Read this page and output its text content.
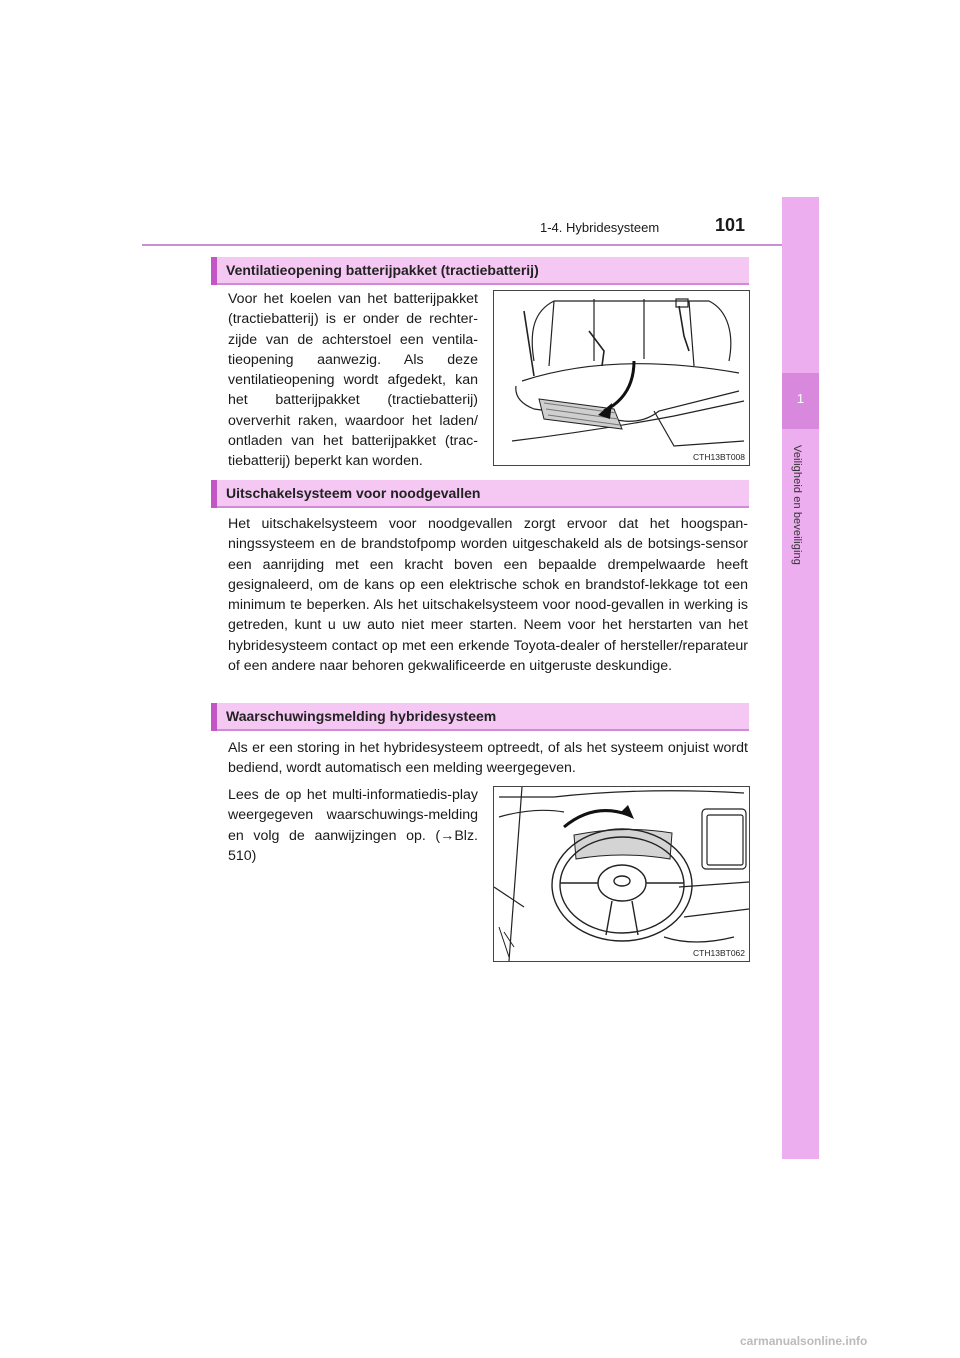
1-4. Hybridesysteem	101
1
Veiligheid en beveiliging
Ventilatieopening batterijpakket (tractiebatterij)
Voor het koelen van het batterijpakket (tractiebatterij) is er onder de rechter-zijde van de achterstoel een ventila-tieopening aanwezig. Als deze ventilatieopening wordt afgedekt, kan het batterijpakket (tractiebatterij) oververhit raken, waardoor het laden/ ontladen van het batterijpakket (trac-tiebatterij) beperkt kan worden.	CTH13BT008
Uitschakelsysteem voor noodgevallen
Het uitschakelsysteem voor noodgevallen zorgt ervoor dat het hoogspan-ningssysteem en de brandstofpomp worden uitgeschakeld als de botsings-sensor een aanrijding met een kracht boven een bepaalde drempelwaarde heeft gesignaleerd, om de kans op een elektrische schok en brandstof-lekkage tot een minimum te beperken. Als het uitschakelsysteem voor nood-gevallen in werking is getreden, kunt u uw auto niet meer starten. Neem voor het herstarten van het hybridesysteem contact op met een erkende Toyota-dealer of hersteller/reparateur of een andere naar behoren gekwalificeerde en uitgeruste deskundige.
Waarschuwingsmelding hybridesysteem
Als er een storing in het hybridesysteem optreedt, of als het systeem onjuist wordt bediend, wordt automatisch een melding weergegeven.
Lees de op het multi-informatiedis-play weergegeven waarschuwings-melding en volg de aanwijzingen op. (→Blz. 510)
CTH13BT062
carmanualsonline.info
